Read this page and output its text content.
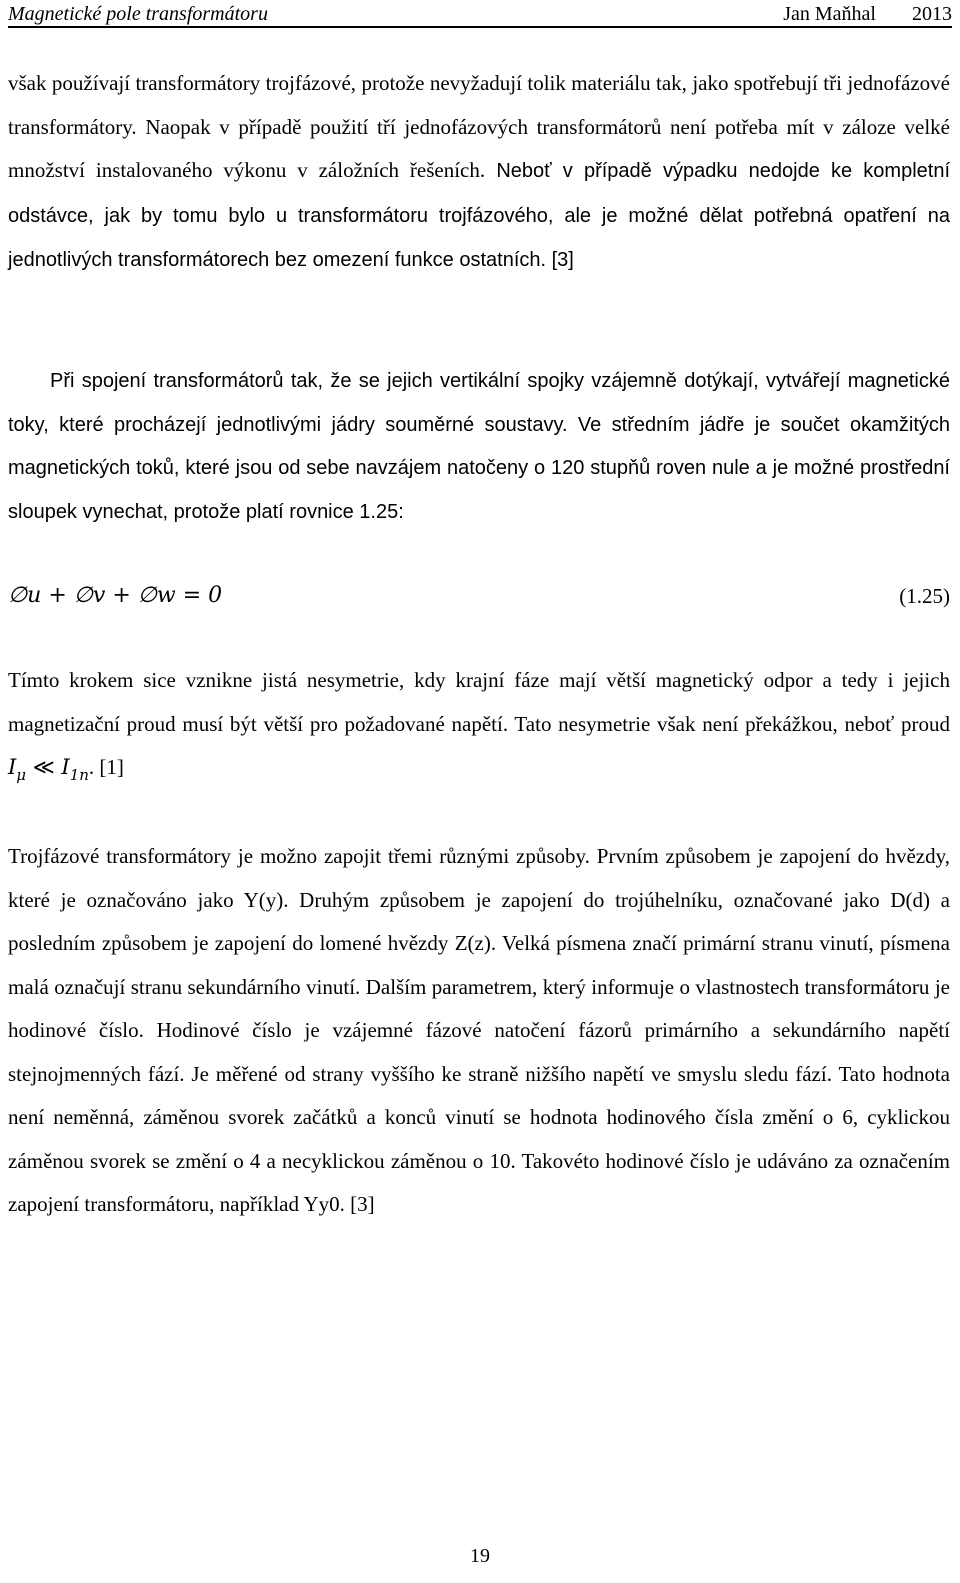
Magnetické pole transformátoru	Jan Maňhal 2013

však používají transformátory trojfázové, protože nevyžadují tolik materiálu tak, jako spotřebují tři jednofázové transformátory. Naopak v případě použití tří jednofázových transformátorů není potřeba mít v záloze velké množství instalovaného výkonu v záložních řešeních. Neboť v případě výpadku nedojde ke kompletní odstávce, jak by tomu bylo u transformátoru trojfázového, ale je možné dělat potřebná opatření na jednotlivých transformátorech bez omezení funkce ostatních. [3]

Při spojení transformátorů tak, že se jejich vertikální spojky vzájemně dotýkají, vytvářejí magnetické toky, které procházejí jednotlivými jádry souměrné soustavy. Ve středním jádře je součet okamžitých magnetických toků, které jsou od sebe navzájem natočeny o 120 stupňů roven nule a je možné prostřední sloupek vynechat, protože platí rovnice 1.25:

∅u + ∅v + ∅w = 0	(1.25)

Tímto krokem sice vznikne jistá nesymetrie, kdy krajní fáze mají větší magnetický odpor a tedy i jejich magnetizační proud musí být větší pro požadované napětí. Tato nesymetrie však není překážkou, neboť proud $I_\mu$ ≪ $I_{1n}$. [1]

Trojfázové transformátory je možno zapojit třemi různými způsoby. Prvním způsobem je zapojení do hvězdy, které je označováno jako Y(y). Druhým způsobem je zapojení do trojúhelníku, označované jako D(d) a posledním způsobem je zapojení do lomené hvězdy Z(z). Velká písmena značí primární stranu vinutí, písmena malá označují stranu sekundárního vinutí. Dalším parametrem, který informuje o vlastnostech transformátoru je hodinové číslo. Hodinové číslo je vzájemné fázové natočení fázorů primárního a sekundárního napětí stejnojmenných fází. Je měřené od strany vyššího ke straně nižšího napětí ve smyslu sledu fází. Tato hodnota není neměnná, záměnou svorek začátků a konců vinutí se hodnota hodinového čísla změní o 6, cyklickou záměnou svorek se změní o 4 a necyklickou záměnou o 10. Takovéto hodinové číslo je udáváno za označením zapojení transformátoru, například Yy0. [3]

19
